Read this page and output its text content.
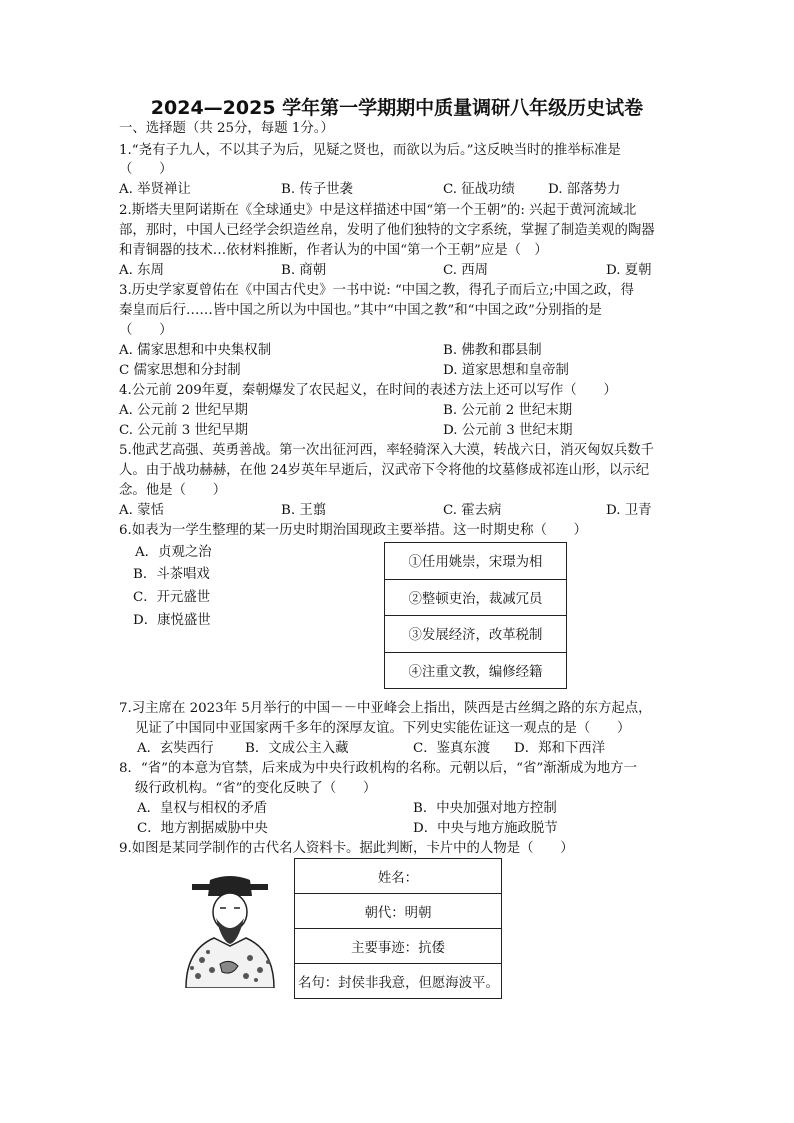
2024—2025 学年第一学期期中质量调研八年级历史试卷
一、选择题（共 25分，每题 1分。）
1.“尧有子九人，不以其子为后，见疑之贤也，而欲以为后。”这反映当时的推举标准是
（　　）
A. 举贤禅让	B. 传子世袭	C. 征战功绩 D. 部落势力
2.斯塔夫里阿诺斯在《全球通史》中是这样描述中国“第一个王朝”的: 兴起于黄河流域北
部，那时，中国人已经学会织造丝帛，发明了他们独特的文字系统，掌握了制造美观的陶器
和青铜器的技术…依材料推断，作者认为的中国“第一个王朝”应是（　）
A. 东周	B. 商朝	C. 西周	D. 夏朝
3.历史学家夏曾佑在《中国古代史》一书中说: “中国之教，得孔子而后立;中国之政，得
秦皇而后行……皆中国之所以为中国也。”其中“中国之教”和“中国之政”分别指的是
（　　）
A. 儒家思想和中央集权制	B. 佛教和郡县制
C 儒家思想和分封制	D. 道家思想和皇帝制
4.公元前 209年夏，秦朝爆发了农民起义，在时间的表述方法上还可以写作（　　）
A. 公元前 2 世纪早期	B. 公元前 2 世纪末期
C. 公元前 3 世纪早期	D. 公元前 3 世纪末期
5.他武艺高强、英勇善战。第一次出征河西，率轻骑深入大漠，转战六日，消灭匈奴兵数千
人。由于战功赫赫，在他 24岁英年早逝后，汉武帝下令将他的坟墓修成祁连山形，以示纪
念。他是（　　）
A. 蒙恬	B. 王翦	C. 霍去病	D. 卫青
6.如表为一学生整理的某一历史时期治国现政主要举措。这一时期史称（　　）
A．贞观之治
B．斗茶唱戏
C．开元盛世
D．康悦盛世
①任用姚崇，宋璟为相
②整顿吏治，裁减冗员
③发展经济，改革税制
④注重文教，编修经籍
7.习主席在 2023年 5月举行的中国－－中亚峰会上指出，陕西是古丝绸之路的东方起点，
见证了中国同中亚国家两千多年的深厚友谊。下列史实能佐证这一观点的是（　　）
A．玄奘西行 B．文成公主入藏	C．鉴真东渡 D．郑和下西洋
8．“省”的本意为官禁，后来成为中央行政机构的名称。元朝以后，“省”渐渐成为地方一
级行政机构。“省”的变化反映了（　　）
A．皇权与相权的矛盾	B．中央加强对地方控制
C．地方割据威胁中央	D．中央与地方施政脱节
9.如图是某同学制作的古代名人资料卡。据此判断，卡片中的人物是（　　）
姓名：
朝代：明朝
主要事迹：抗倭
名句：封侯非我意，但愿海波平。
